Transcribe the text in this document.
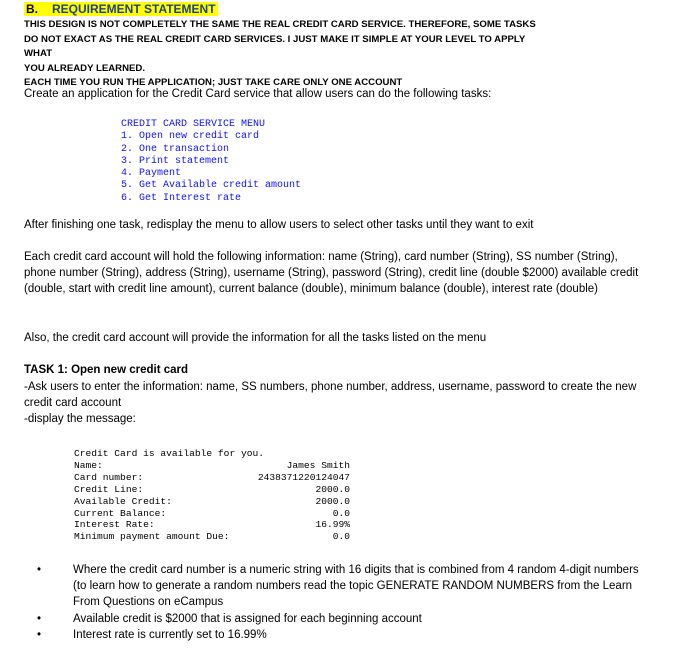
B. REQUIREMENT STATEMENT
THIS DESIGN IS NOT COMPLETELY THE SAME THE REAL CREDIT CARD SERVICE. THEREFORE, SOME TASKS
DO NOT EXACT AS THE REAL CREDIT CARD SERVICES. I JUST MAKE IT SIMPLE AT YOUR LEVEL TO APPLY WHAT
YOU ALREADY LEARNED.
EACH TIME YOU RUN THE APPLICATION; JUST TAKE CARE ONLY ONE ACCOUNT
Create an application for the Credit Card service that allow users can do the following tasks:
CREDIT CARD SERVICE MENU
1. Open new credit card
2. One transaction
3. Print statement
4. Payment
5. Get Available credit amount
6. Get Interest rate
After finishing one task, redisplay the menu to allow users to select other tasks until they want to exit
Each credit card account will hold the following information: name (String), card number (String), SS number (String), phone number (String), address (String), username (String), password (String), credit line (double $2000) available credit (double, start with credit line amount), current balance (double), minimum balance (double), interest rate (double)
Also, the credit card account will provide the information for all the tasks listed on the menu
TASK 1: Open new credit card
-Ask users to enter the information: name, SS numbers, phone number, address, username, password to create the new credit card account
-display the message:
Credit Card is available for you.
Name:	James Smith
Card number:	2438371220124047
Credit Line:	2000.0
Available Credit:	2000.0
Current Balance:	0.0
Interest Rate:	16.99%
Minimum payment amount Due:	0.0
•	Where the credit card number is a numeric string with 16 digits that is combined from 4 random 4-digit numbers (to learn how to generate a random numbers read the topic GENERATE RANDOM NUMBERS from the Learn From Questions on eCampus
•	Available credit is $2000 that is assigned for each beginning account
•	Interest rate is currently set to 16.99%
